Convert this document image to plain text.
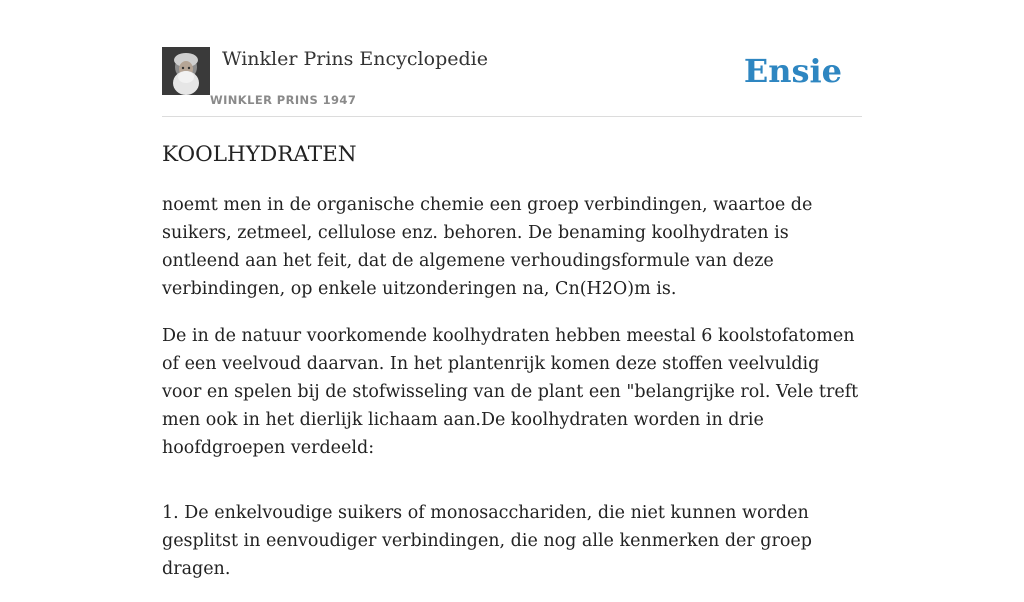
Winkler Prins Encyclopedie
WINKLER PRINS 1947
Ensie
KOOLHYDRATEN

noemt men in de organische chemie een groep verbindingen, waartoe de suikers, zetmeel, cellulose enz. behoren. De benaming koolhydraten is ontleend aan het feit, dat de algemene verhoudingsformule van deze verbindingen, op enkele uitzonderingen na, Cn(H2O)m is.

De in de natuur voorkomende koolhydraten hebben meestal 6 koolstofatomen of een veelvoud daarvan. In het plantenrijk komen deze stoffen veelvuldig voor en spelen bij de stofwisseling van de plant een "belangrijke rol. Vele treft men ook in het dierlijk lichaam aan.De koolhydraten worden in drie hoofdgroepen verdeeld:

1. De enkelvoudige suikers of monosacchariden, die niet kunnen worden gesplitst in eenvoudiger verbindingen, die nog alle kenmerken der groep dragen.
